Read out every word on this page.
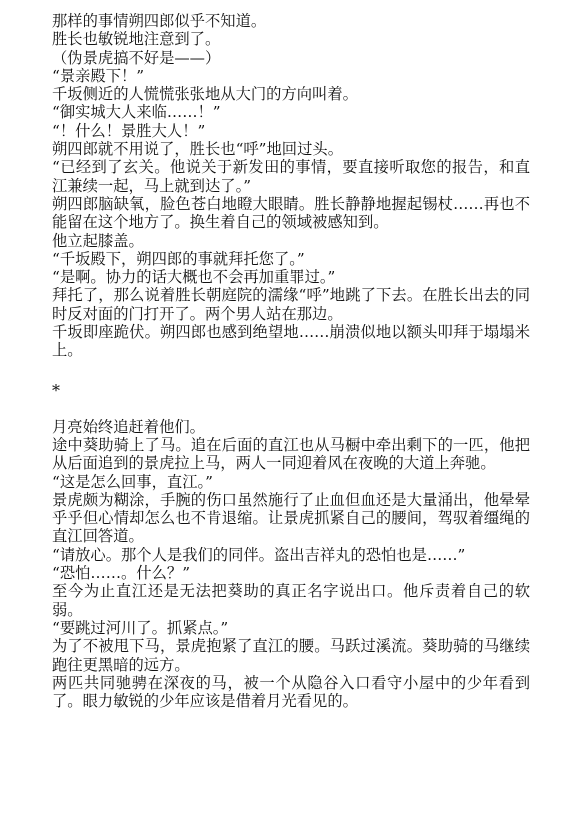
那样的事情朔四郎似乎不知道。

胜长也敏锐地注意到了。

（伪景虎搞不好是——）

“景亲殿下！”

千坂侧近的人慌慌张张地从大门的方向叫着。

“御实城大人来临……！”

“！什么！景胜大人！”

朔四郎就不用说了，胜长也“呼”地回过头。

“已经到了玄关。他说关于新发田的事情，要直接听取您的报告，和直江兼续一起，马上就到达了。”

朔四郎脑缺氧，脸色苍白地瞪大眼睛。胜长静静地握起锡杖……再也不能留在这个地方了。换生着自己的领域被感知到。

他立起膝盖。

“千坂殿下，朔四郎的事就拜托您了。”

“是啊。协力的话大概也不会再加重罪过。”

拜托了，那么说着胜长朝庭院的濡缘“呼”地跳了下去。在胜长出去的同时反对面的门打开了。两个男人站在那边。

千坂即座跪伏。朔四郎也感到绝望地……崩溃似地以额头叩拜于塌塌米上。

*

月亮始终追赶着他们。

途中葵助骑上了马。追在后面的直江也从马橱中牵出剩下的一匹，他把从后面追到的景虎拉上马，两人一同迎着风在夜晚的大道上奔驰。

“这是怎么回事，直江。”

景虎颇为糊涂，手腕的伤口虽然施行了止血但血还是大量涌出，他晕晕乎乎但心情却怎么也不肯退缩。让景虎抓紧自己的腰间，驾驭着缰绳的直江回答道。

“请放心。那个人是我们的同伴。盗出吉祥丸的恐怕也是……”

“恐怕……。什么？”

至今为止直江还是无法把葵助的真正名字说出口。他斥责着自己的软弱。

“要跳过河川了。抓紧点。”

为了不被甩下马，景虎抱紧了直江的腰。马跃过溪流。葵助骑的马继续跑往更黑暗的远方。

两匹共同驰骋在深夜的马，被一个从隐谷入口看守小屋中的少年看到了。眼力敏锐的少年应该是借着月光看见的。
